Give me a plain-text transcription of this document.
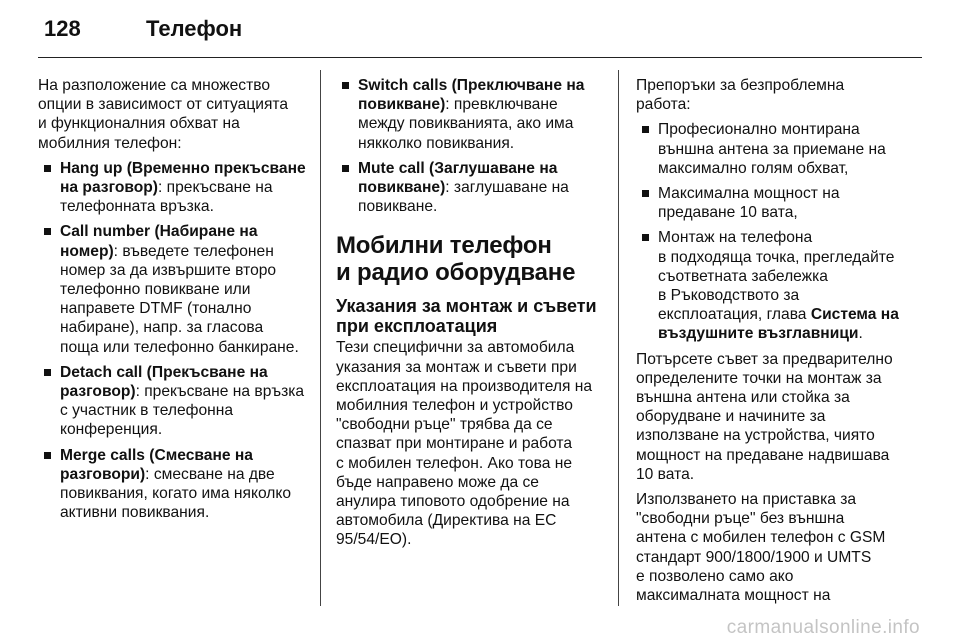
128	Телефон

На разположение са множество
опции в зависимост от ситуацията
и функционалния обхват на
мобилния телефон:

Hang up (Временно прекъсване
на разговор): прекъсване на
телефонната връзка.
Call number (Набиране на
номер): въведете телефонен
номер за да извършите второ
телефонно повикване или
направете DTMF (тонално
набиране), напр. за гласова
поща или телефонно банкиране.
Detach call (Прекъсване на
разговор): прекъсване на връзка
с участник в телефонна
конференция.
Merge calls (Смесване на
разговори): смесване на две
повиквания, когато има няколко
активни повиквания.
Switch calls (Преключване на
повикване): превключване
между повикванията, ако има
някколко повиквания.
Mute call (Заглушаване на
повикване): заглушаване на
повикване.
Мобилни телефон
и радио оборудване
Указания за монтаж и съвети
при експлоатация

Тези специфични за автомобила
указания за монтаж и съвети при
експлоатация на производителя на
мобилния телефон и устройство
"свободни ръце" трябва да се
спазват при монтиране и работа
с мобилен телефон. Ако това не
бъде направено може да се
анулира типовото одобрение на
автомобила (Директива на ЕС
95/54/ЕО).

Препоръки за безпроблемна
работа:

Професионално монтирана
външна антена за приемане на
максимално голям обхват,
Максимална мощност на
предаване 10 вата,
Монтаж на телефона
в подходяща точка, прегледайте
съответната забележка
в Ръководството за
експлоатация, глава Система на
въздушните възглавници.

Потърсете съвет за предварително
определените точки на монтаж за
външна антена или стойка за
оборудване и начините за
използване на устройства, чиято
мощност на предаване надвишава
10 вата.

Използването на приставка за
"свободни ръце" без външна
антена с мобилен телефон с GSM
стандарт 900/1800/1900 и UMTS
е позволено само ако
максималната мощност на

carmanualsonline.info
